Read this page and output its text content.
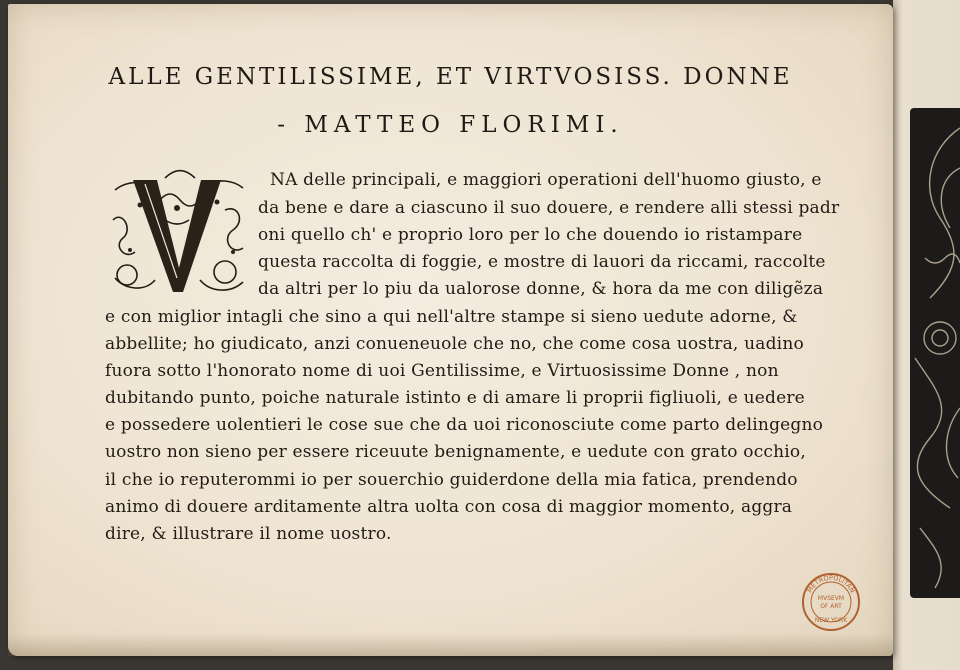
ALLE GENTILISSIME, ET VIRTVOSISS. DONNE
- MATTEO FLORIMI.
NA delle principali, e maggiori operationi dell'huomo giusto, e
da bene e dare a ciascuno il suo douere, e rendere alli stessi padr
oni quello ch' e proprio loro per lo che douendo io ristampare
questa raccolta di foggie, e mostre di lauori da riccami, raccolte
da altri per lo piu da ualorose donne, & hora da me con diligẽza
e con miglior intagli che sino a qui nell'altre stampe si sieno uedute adorne, &
abbellite; ho giudicato, anzi conueneuole che no, che come cosa uostra, uadino
fuora sotto l'honorato nome di uoi Gentilissime, e Virtuosissime Donne , non
dubitando punto, poiche naturale istinto e di amare li proprii figliuoli, e uedere
e possedere uolentieri le cose sue che da uoi riconosciute come parto delingegno
uostro non sieno per essere riceuute benignamente, e uedute con grato occhio,
il che io reputerommi io per souerchio guiderdone della mia fatica, prendendo
animo di douere arditamente altra uolta con cosa di maggior momento, aggra
dire, & illustrare il nome uostro.
METROPOLITAN
MVSEVM
OF ART
NEW YORK
